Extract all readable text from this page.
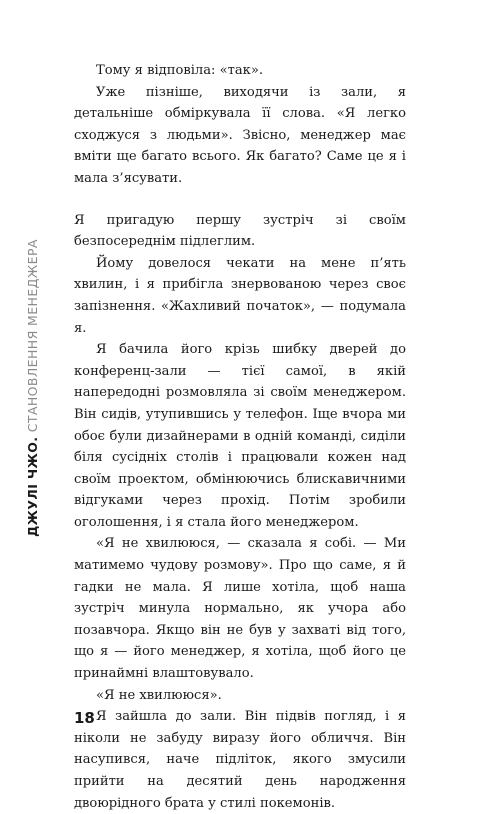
ДЖУЛІ ЧЖО. СТАНОВЛЕННЯ МЕНЕДЖЕРА

Тому я відповіла: «так».

Уже пізніше, виходячи із зали, я детальніше обміркувала її слова. «Я легко сходжуся з людьми». Звісно, менеджер має вміти ще багато всього. Як багато? Саме це я і мала з’ясувати.

Я пригадую першу зустріч зі своїм безпосереднім підлеглим.

Йому довелося чекати на мене п’ять хвилин, і я прибігла знервованою через своє запізнення. «Жахливий початок», — подумала я.

Я бачила його крізь шибку дверей до конференц-зали — тієї самої, в якій напередодні розмовляла зі своїм менеджером. Він сидів, утупившись у телефон. Іще вчора ми обоє були дизайнерами в одній команді, сиділи біля сусідніх столів і працювали кожен над своїм проектом, обмінюючись блискавичними відгуками через прохід. Потім зробили оголошення, і я стала його менеджером.

«Я не хвилююся, — сказала я собі. — Ми матимемо чудову розмову». Про що саме, я й гадки не мала. Я лише хотіла, щоб наша зустріч минула нормально, як учора або позавчора. Якщо він не був у захваті від того, що я — його менеджер, я хотіла, щоб його це принаймні влаштовувало.

«Я не хвилююся».

Я зайшла до зали. Він підвів погляд, і я ніколи не забуду виразу його обличчя. Він насупився, наче підліток, якого змусили прийти на десятий день народження двоюрідного брата у стилі покемонів.

18
